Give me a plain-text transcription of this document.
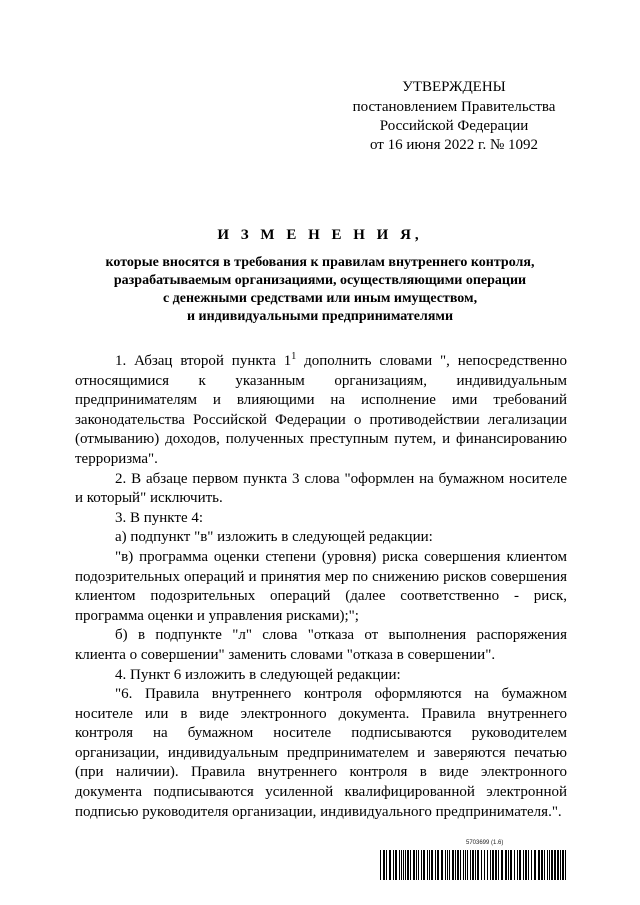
УТВЕРЖДЕНЫ
постановлением Правительства
Российской Федерации
от 16 июня 2022 г. № 1092
И З М Е Н Е Н И Я,
которые вносятся в требования к правилам внутреннего контроля,
разрабатываемым организациями, осуществляющими операции
с денежными средствами или иным имуществом,
и индивидуальными предпринимателями

1. Абзац второй пункта $1^1$ дополнить словами ", непосредственно относящимися к указанным организациям, индивидуальным предпринимателям и влияющими на исполнение ими требований законодательства Российской Федерации о противодействии легализации (отмыванию) доходов, полученных преступным путем, и финансированию терроризма".

2. В абзаце первом пункта 3 слова "оформлен на бумажном носителе и который" исключить.

3. В пункте 4:

а) подпункт "в" изложить в следующей редакции:

"в) программа оценки степени (уровня) риска совершения клиентом подозрительных операций и принятия мер по снижению рисков совершения клиентом подозрительных операций (далее соответственно - риск, программа оценки и управления рисками);";

б) в подпункте "л" слова "отказа от выполнения распоряжения клиента о совершении" заменить словами "отказа в совершении".

4. Пункт 6 изложить в следующей редакции:

"6. Правила внутреннего контроля оформляются на бумажном носителе или в виде электронного документа. Правила внутреннего контроля на бумажном носителе подписываются руководителем организации, индивидуальным предпринимателем и заверяются печатью (при наличии). Правила внутреннего контроля в виде электронного документа подписываются усиленной квалифицированной электронной подписью руководителя организации, индивидуального предпринимателя.".

5703699 (1.6)
